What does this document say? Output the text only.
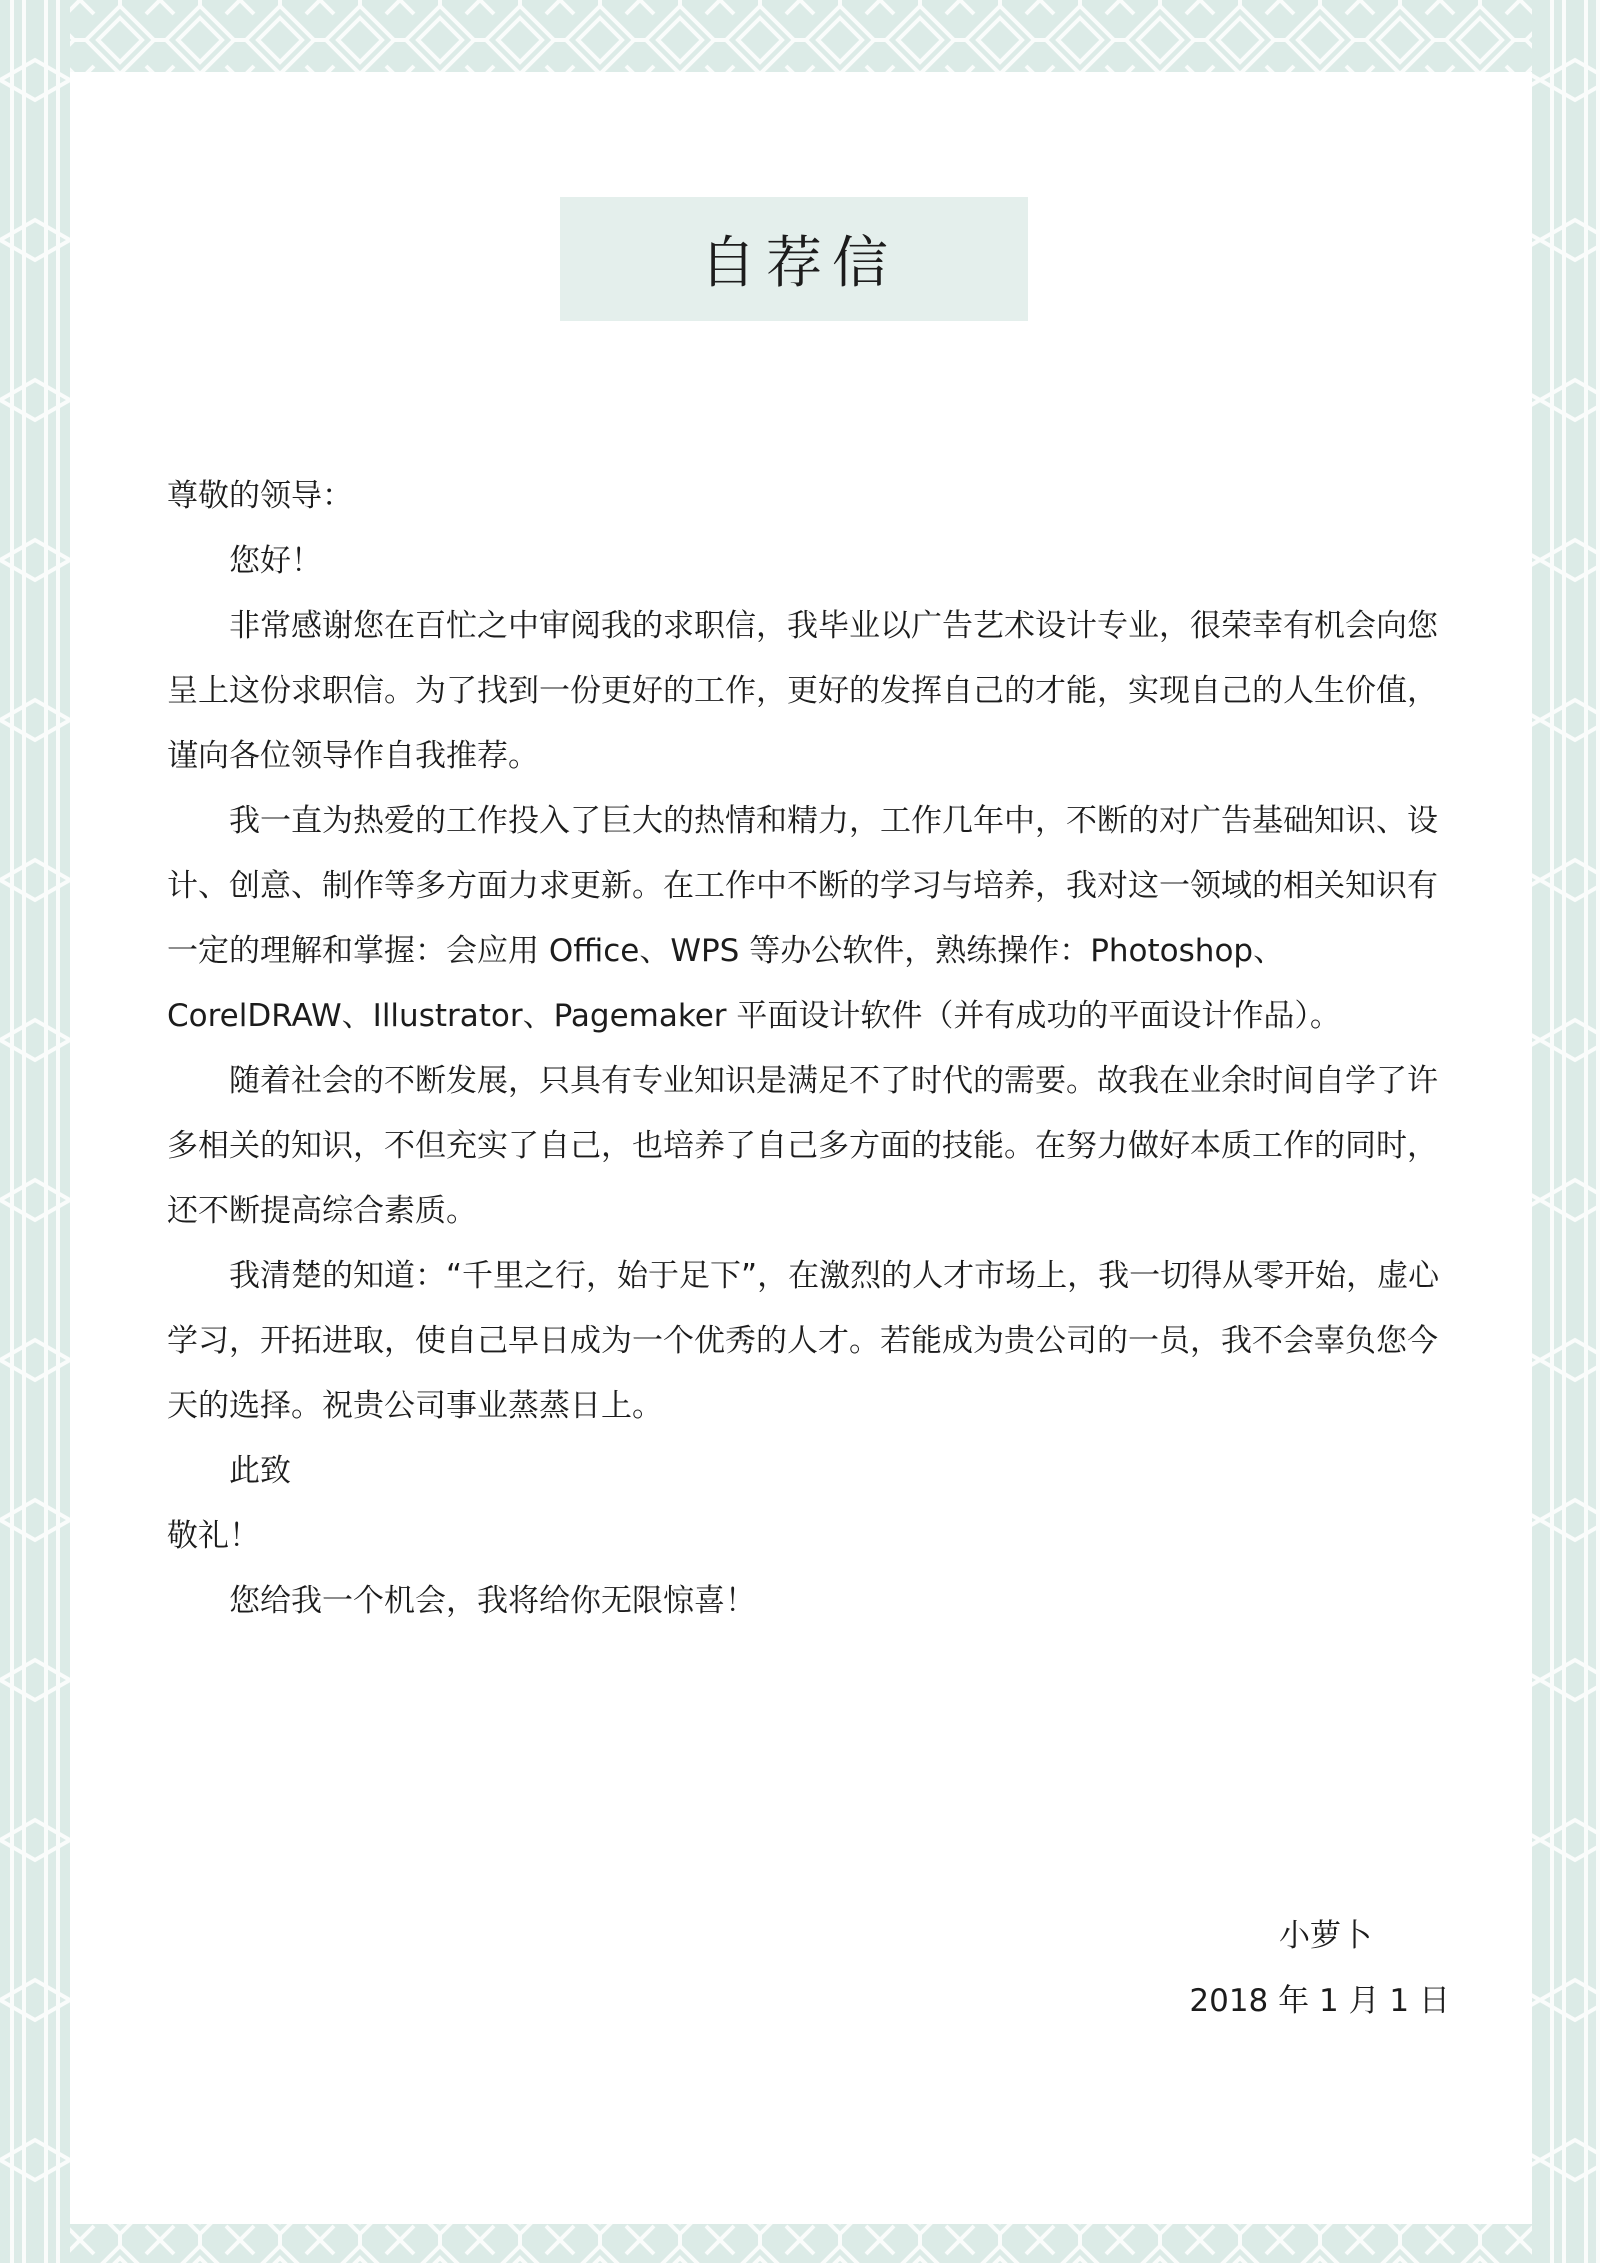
自荐信

尊敬的领导：

您好！

非常感谢您在百忙之中审阅我的求职信，我毕业以广告艺术设计专业，很荣幸有机会向您呈上这份求职信。为了找到一份更好的工作，更好的发挥自己的才能，实现自己的人生价值，谨向各位领导作自我推荐。

我一直为热爱的工作投入了巨大的热情和精力，工作几年中，不断的对广告基础知识、设计、创意、制作等多方面力求更新。在工作中不断的学习与培养，我对这一领域的相关知识有一定的理解和掌握：会应用 Office、WPS 等办公软件，熟练操作：Photoshop、CorelDRAW、Illustrator、Pagemaker 平面设计软件（并有成功的平面设计作品）。

随着社会的不断发展，只具有专业知识是满足不了时代的需要。故我在业余时间自学了许多相关的知识，不但充实了自己，也培养了自己多方面的技能。在努力做好本质工作的同时，还不断提高综合素质。

我清楚的知道：“千里之行，始于足下”，在激烈的人才市场上，我一切得从零开始，虚心学习，开拓进取，使自己早日成为一个优秀的人才。若能成为贵公司的一员，我不会辜负您今天的选择。祝贵公司事业蒸蒸日上。

此致

敬礼！

您给我一个机会，我将给你无限惊喜！

小萝卜
2018 年 1 月 1 日
